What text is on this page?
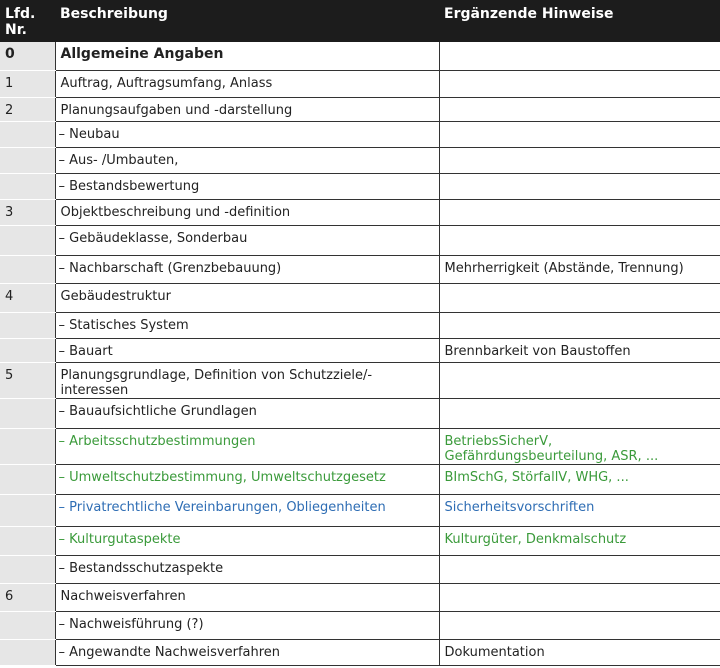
Lfd. Nr.	Beschreibung	Ergänzende Hinweise
0	Allgemeine Angaben	
1	Auftrag, Auftragsumfang, Anlass	
2	Planungsaufgaben und -darstellung	
	– Neubau	
	– Aus- /Umbauten,	
	– Bestandsbewertung	
3	Objektbeschreibung und -definition	
	– Gebäudeklasse, Sonderbau	
	– Nachbarschaft (Grenzbebauung)	Mehrherrigkeit (Abstände, Trennung)
4	Gebäudestruktur	
	– Statisches System	
	– Bauart	Brennbarkeit von Baustoffen
5	Planungsgrundlage, Definition von Schutzziele/-interessen	
	– Bauaufsichtliche Grundlagen	
	– Arbeitsschutzbestimmungen	BetriebsSicherV, Gefährdungsbeurteilung, ASR, ...
	– Umweltschutzbestimmung, Umweltschutzgesetz	BImSchG, StörfallV, WHG, ...
	– Privatrechtliche Vereinbarungen, Obliegenheiten	Sicherheitsvorschriften
	– Kulturgutaspekte	Kulturgüter, Denkmalschutz
	– Bestandsschutzaspekte	
6	Nachweisverfahren	
	– Nachweisführung (?)	
	– Angewandte Nachweisverfahren	Dokumentation
